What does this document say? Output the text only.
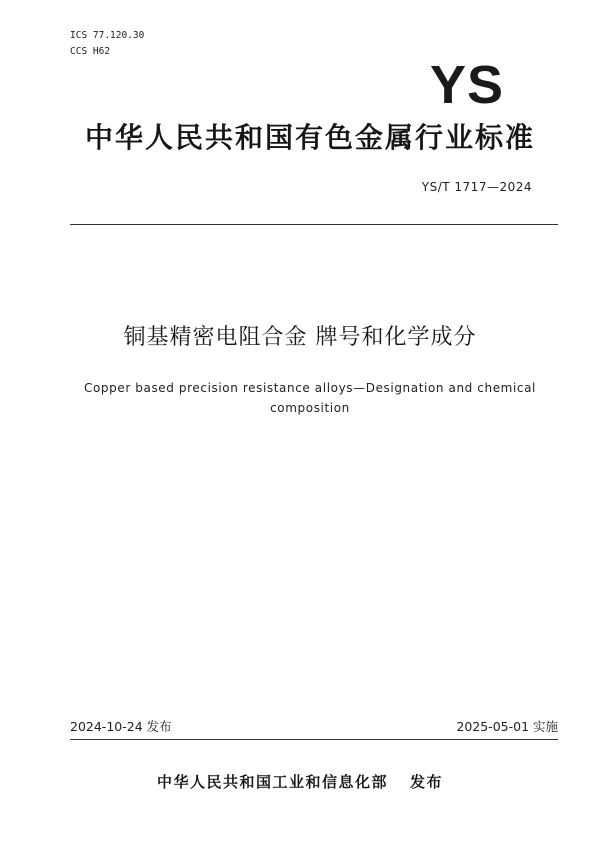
ICS 77.120.30
CCS H62
YS
中华人民共和国有色金属行业标准
YS/T 1717—2024
铜基精密电阻合金 牌号和化学成分
Copper based precision resistance alloys—Designation and chemical
composition
2024-10-24 发布	2025-05-01 实施
中华人民共和国工业和信息化部 发布
